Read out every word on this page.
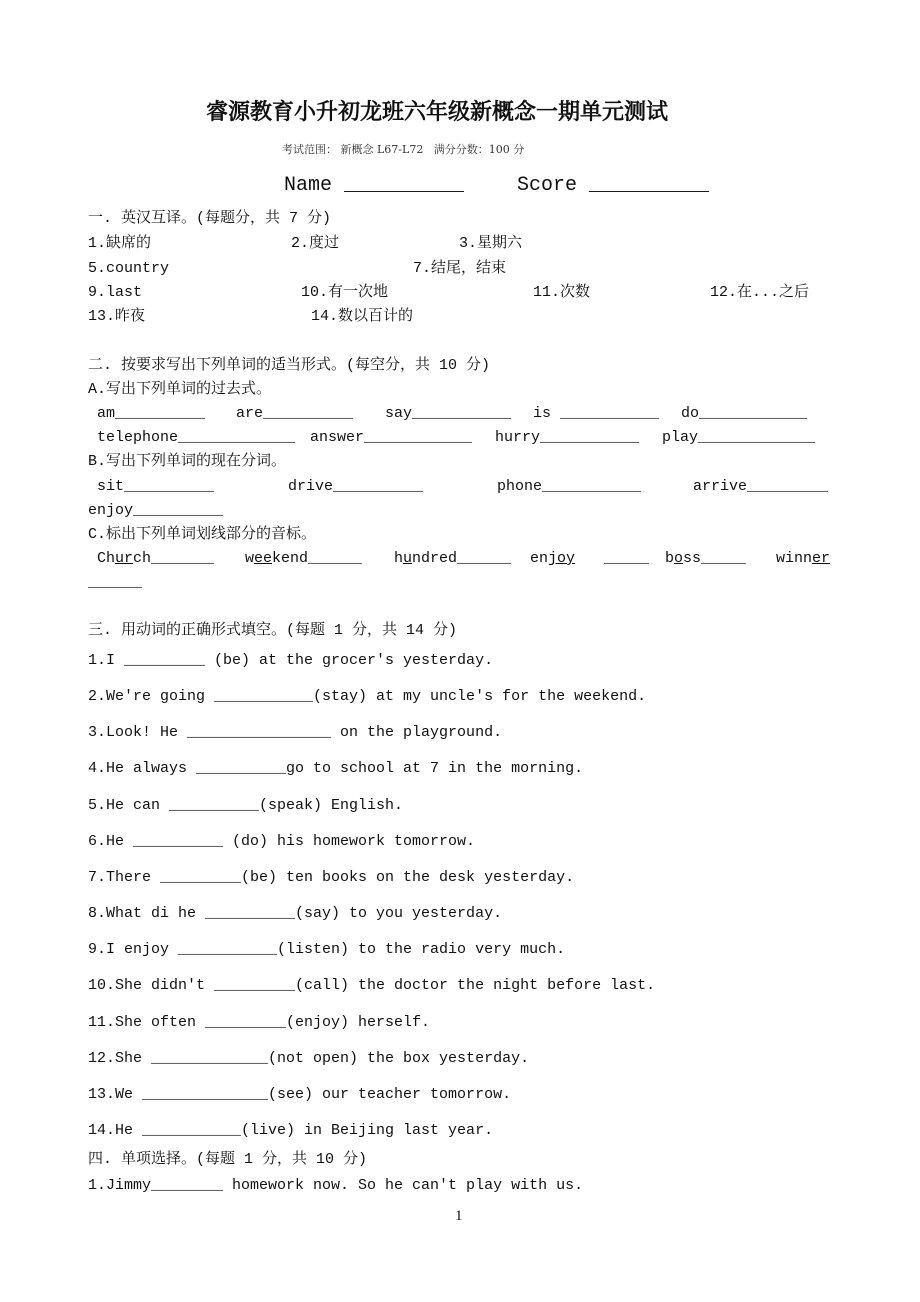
睿源教育小升初龙班六年级新概念一期单元测试
考试范围： 新概念 L67-L72   满分分数：100 分
Name __________	Score __________
一. 英汉互译。(每题分，共 7 分)
1.缺席的	2.度过	3.星期六
5.country	7.结尾，结束
9.last	10.有一次地	11.次数	12.在...之后
13.昨夜	14.数以百计的
二. 按要求写出下列单词的适当形式。(每空分，共 10 分)
A.写出下列单词的过去式。
am__________ are__________ say___________ is ___________ do____________
telephone_____________ answer____________ hurry___________ play_____________
B.写出下列单词的现在分词。
sit__________	drive__________	phone___________	arrive_________
enjoy__________
C.标出下列单词划线部分的音标。
Church_______ weekend______ hundred______ enjoy _____ boss_____ winner
______
三. 用动词的正确形式填空。(每题 1 分，共 14 分)
1.I _________ (be) at the grocer's yesterday.
2.We're going ___________(stay) at my uncle's for the weekend.
3.Look! He ________________ on the playground.
4.He always __________go to school at 7 in the morning.
5.He can __________(speak) English.
6.He __________ (do) his homework tomorrow.
7.There _________(be) ten books on the desk yesterday.
8.What di he __________(say) to you yesterday.
9.I enjoy ___________(listen) to the radio very much.
10.She didn't _________(call) the doctor the night before last.
11.She often _________(enjoy) herself.
12.She _____________(not open) the box yesterday.
13.We ______________(see) our teacher tomorrow.
14.He ___________(live) in Beijing last year.
四. 单项选择。(每题 1 分，共 10 分)
1.Jimmy________ homework now. So he can't play with us.
1
